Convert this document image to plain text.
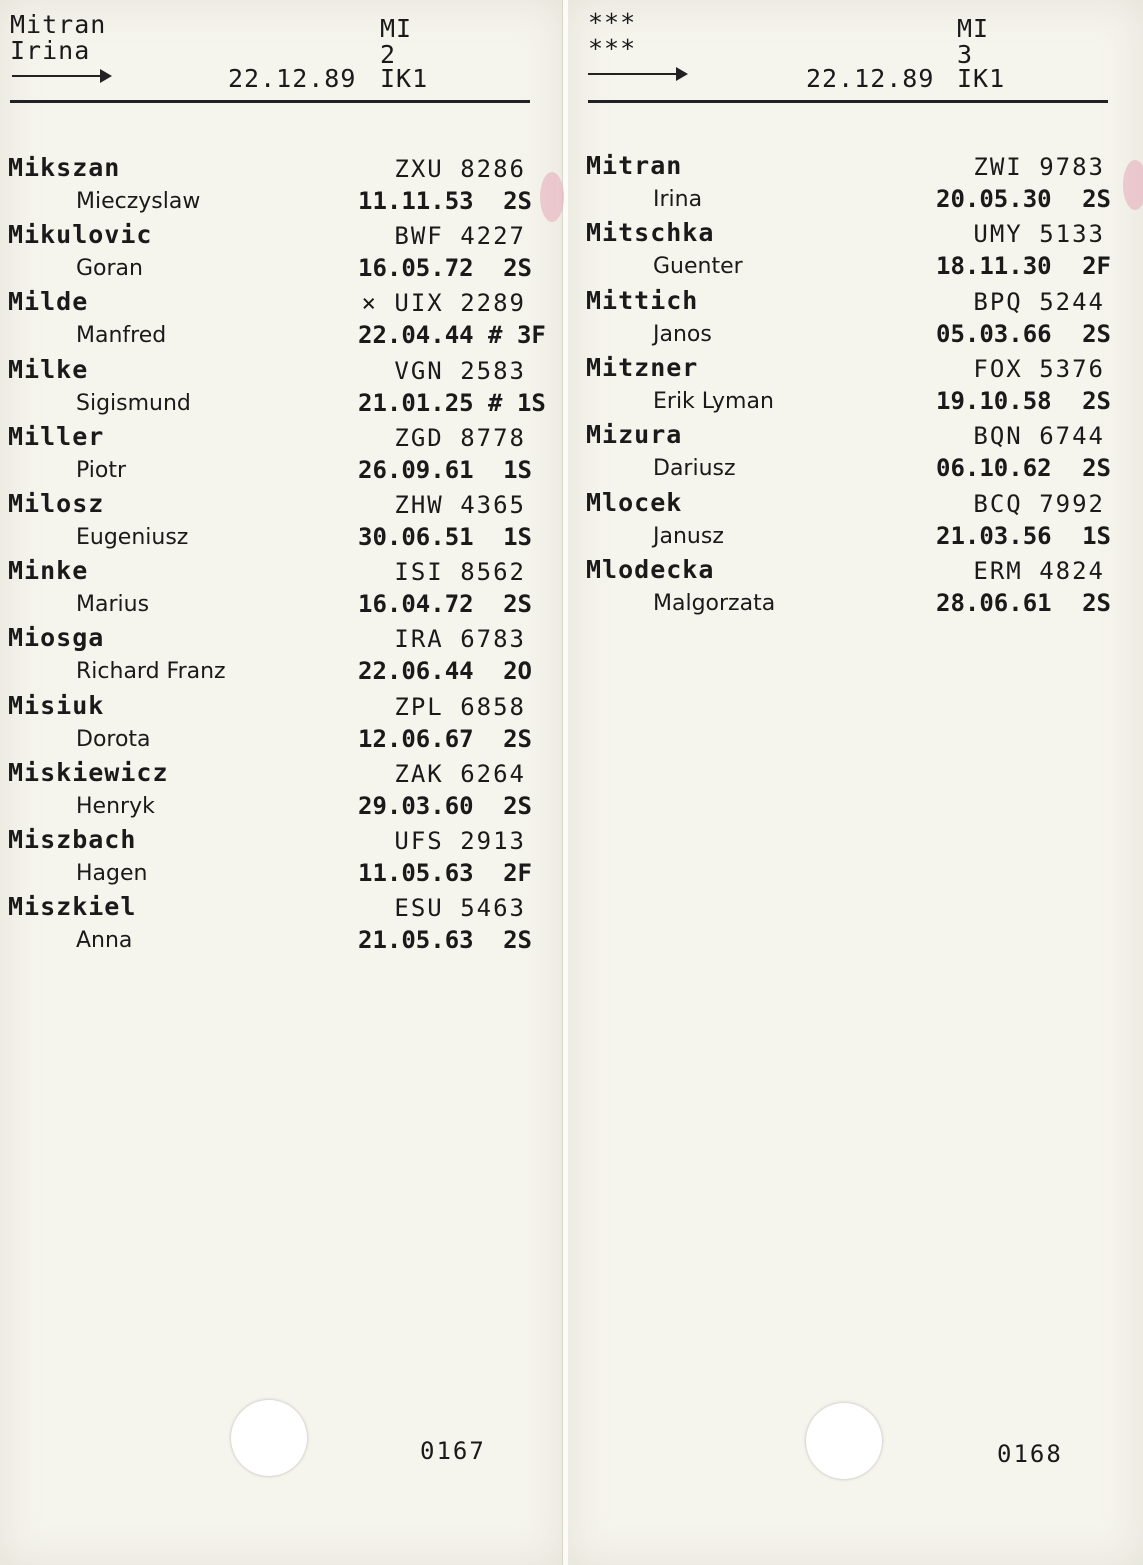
Mitran
Irina
MI
2
22.12.89 IK1
Mikszan	ZXU 8286
Mieczyslaw	11.11.53	2S
Mikulovic	BWF 4227
Goran	16.05.72	2S
Milde	× UIX 2289
Manfred	22.04.44 # 3F
Milke	VGN 2583
Sigismund	21.01.25 # 1S
Miller	ZGD 8778
Piotr	26.09.61	1S
Milosz	ZHW 4365
Eugeniusz	30.06.51	1S
Minke	ISI 8562
Marius	16.04.72	2S
Miosga	IRA 6783
Richard Franz	22.06.44	2O
Misiuk	ZPL 6858
Dorota	12.06.67	2S
Miskiewicz	ZAK 6264
Henryk	29.03.60	2S
Miszbach	UFS 2913
Hagen	11.05.63	2F
Miszkiel	ESU 5463
Anna	21.05.63	2S
0167
***
***
MI
3
22.12.89 IK1
Mitran	ZWI 9783
Irina	20.05.30	2S
Mitschka	UMY 5133
Guenter	18.11.30	2F
Mittich	BPQ 5244
Janos	05.03.66	2S
Mitzner	FOX 5376
Erik Lyman	19.10.58	2S
Mizura	BQN 6744
Dariusz	06.10.62	2S
Mlocek	BCQ 7992
Janusz	21.03.56	1S
Mlodecka	ERM 4824
Malgorzata	28.06.61	2S
0168
